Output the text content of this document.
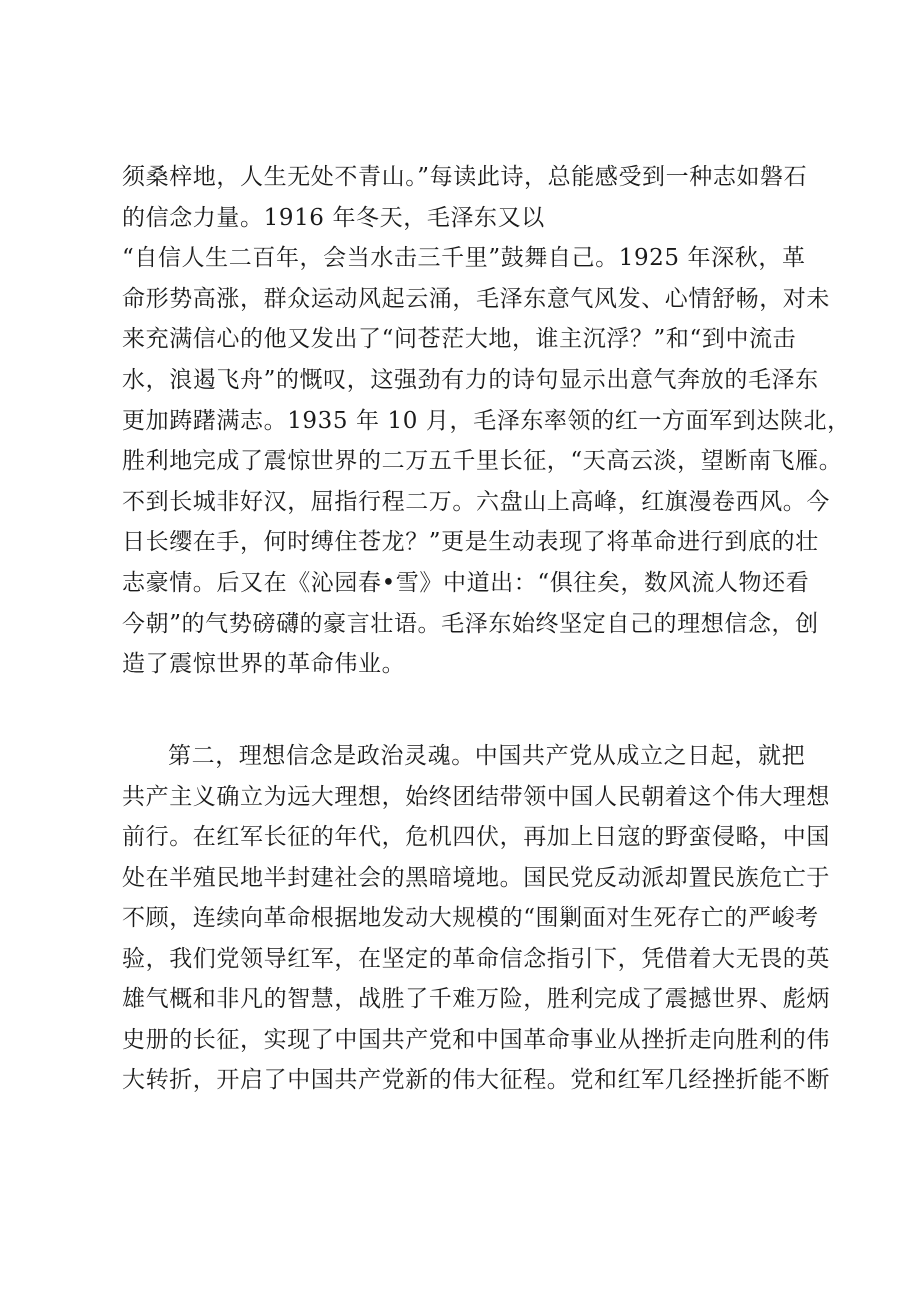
须桑梓地，人生无处不青山。”每读此诗，总能感受到一种志如磐石
的信念力量。1916 年冬天，毛泽东又以
“自信人生二百年，会当水击三千里”鼓舞自己。1925 年深秋，革
命形势高涨，群众运动风起云涌，毛泽东意气风发、心情舒畅，对未
来充满信心的他又发出了“问苍茫大地，谁主沉浮？”和“到中流击
水，浪遏飞舟”的慨叹，这强劲有力的诗句显示出意气奔放的毛泽东
更加踌躇满志。1935 年 10 月，毛泽东率领的红一方面军到达陕北，
胜利地完成了震惊世界的二万五千里长征，“天高云淡，望断南飞雁。
不到长城非好汉，屈指行程二万。六盘山上高峰，红旗漫卷西风。今
日长缨在手，何时缚住苍龙？”更是生动表现了将革命进行到底的壮
志豪情。后又在《沁园春•雪》中道出：“俱往矣，数风流人物还看
今朝”的气势磅礴的豪言壮语。毛泽东始终坚定自己的理想信念，创
造了震惊世界的革命伟业。
第二，理想信念是政治灵魂。中国共产党从成立之日起，就把
共产主义确立为远大理想，始终团结带领中国人民朝着这个伟大理想
前行。在红军长征的年代，危机四伏，再加上日寇的野蛮侵略，中国
处在半殖民地半封建社会的黑暗境地。国民党反动派却置民族危亡于
不顾，连续向革命根据地发动大规模的“围剿面对生死存亡的严峻考
验，我们党领导红军，在坚定的革命信念指引下，凭借着大无畏的英
雄气概和非凡的智慧，战胜了千难万险，胜利完成了震撼世界、彪炳
史册的长征，实现了中国共产党和中国革命事业从挫折走向胜利的伟
大转折，开启了中国共产党新的伟大征程。党和红军几经挫折能不断
